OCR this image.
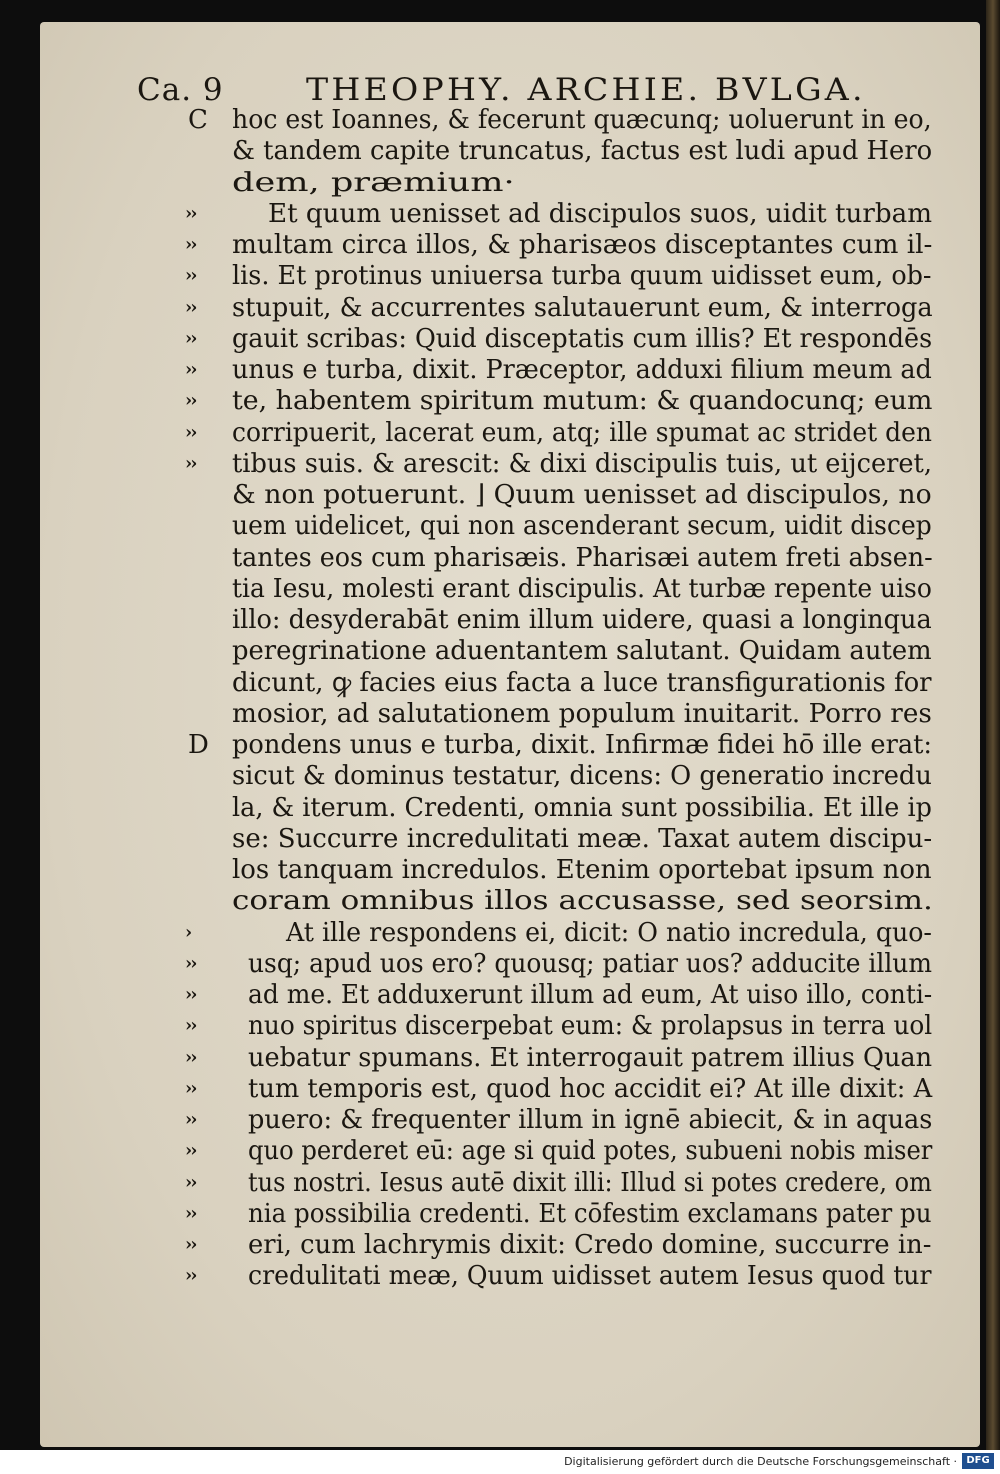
Ca. 9	THEOPHY. ARCHIE. BVLGA.
C hoc est Ioannes, & fecerunt quæcunq; uoluerunt in eo,
& tandem capite truncatus, factus est ludi apud Hero
dem, præmium·
››	Et quum uenisset ad discipulos suos, uidit turbam
›› multam circa illos, & pharisæos disceptantes cum il-
›› lis. Et protinus uniuersa turba quum uidisset eum, ob-
›› stupuit, & accurrentes salutauerunt eum, & interroga
›› gauit scribas: Quid disceptatis cum illis? Et respondēs
›› unus e turba, dixit. Præceptor, adduxi filium meum ad
›› te, habentem spiritum mutum: & quandocunq; eum
›› corripuerit, lacerat eum, atq; ille spumat ac stridet den
›› tibus suis. & arescit: & dixi discipulis tuis, ut eijceret,
& non potuerunt. ⌋ Quum uenisset ad discipulos, no
uem uidelicet, qui non ascenderant secum, uidit discep
tantes eos cum pharisæis. Pharisæi autem freti absen-
tia Iesu, molesti erant discipulis. At turbæ repente uiso
illo: desyderabāt enim illum uidere, quasi a longinqua
peregrinatione aduentantem salutant. Quidam autem
dicunt, ꝙ facies eius facta a luce transfigurationis for
mosior, ad salutationem populum inuitarit. Porro res
D pondens unus e turba, dixit. Infirmæ fidei hō ille erat:
sicut & dominus testatur, dicens: O generatio incredu
la, & iterum. Credenti, omnia sunt possibilia. Et ille ip
se: Succurre incredulitati meæ. Taxat autem discipu-
los tanquam incredulos. Etenim oportebat ipsum non
coram omnibus illos accusasse, sed seorsim.
›	At ille respondens ei, dicit: O natio incredula, quo-
›› usq; apud uos ero? quousq; patiar uos? adducite illum
›› ad me. Et adduxerunt illum ad eum, At uiso illo, conti-
›› nuo spiritus discerpebat eum: & prolapsus in terra uol
›› uebatur spumans. Et interrogauit patrem illius Quan
›› tum temporis est, quod hoc accidit ei? At ille dixit: A
›› puero: & frequenter illum in ignē abiecit, & in aquas
›› quo perderet eū: age si quid potes, subueni nobis miser
›› tus nostri. Iesus autē dixit illi: Illud si potes credere, om
›› nia possibilia credenti. Et cōfestim exclamans pater pu
›› eri, cum lachrymis dixit: Credo domine, succurre in-
›› credulitati meæ, Quum uidisset autem Iesus quod tur
Digitalisierung gefördert durch die Deutsche Forschungsgemeinschaft · DFG
